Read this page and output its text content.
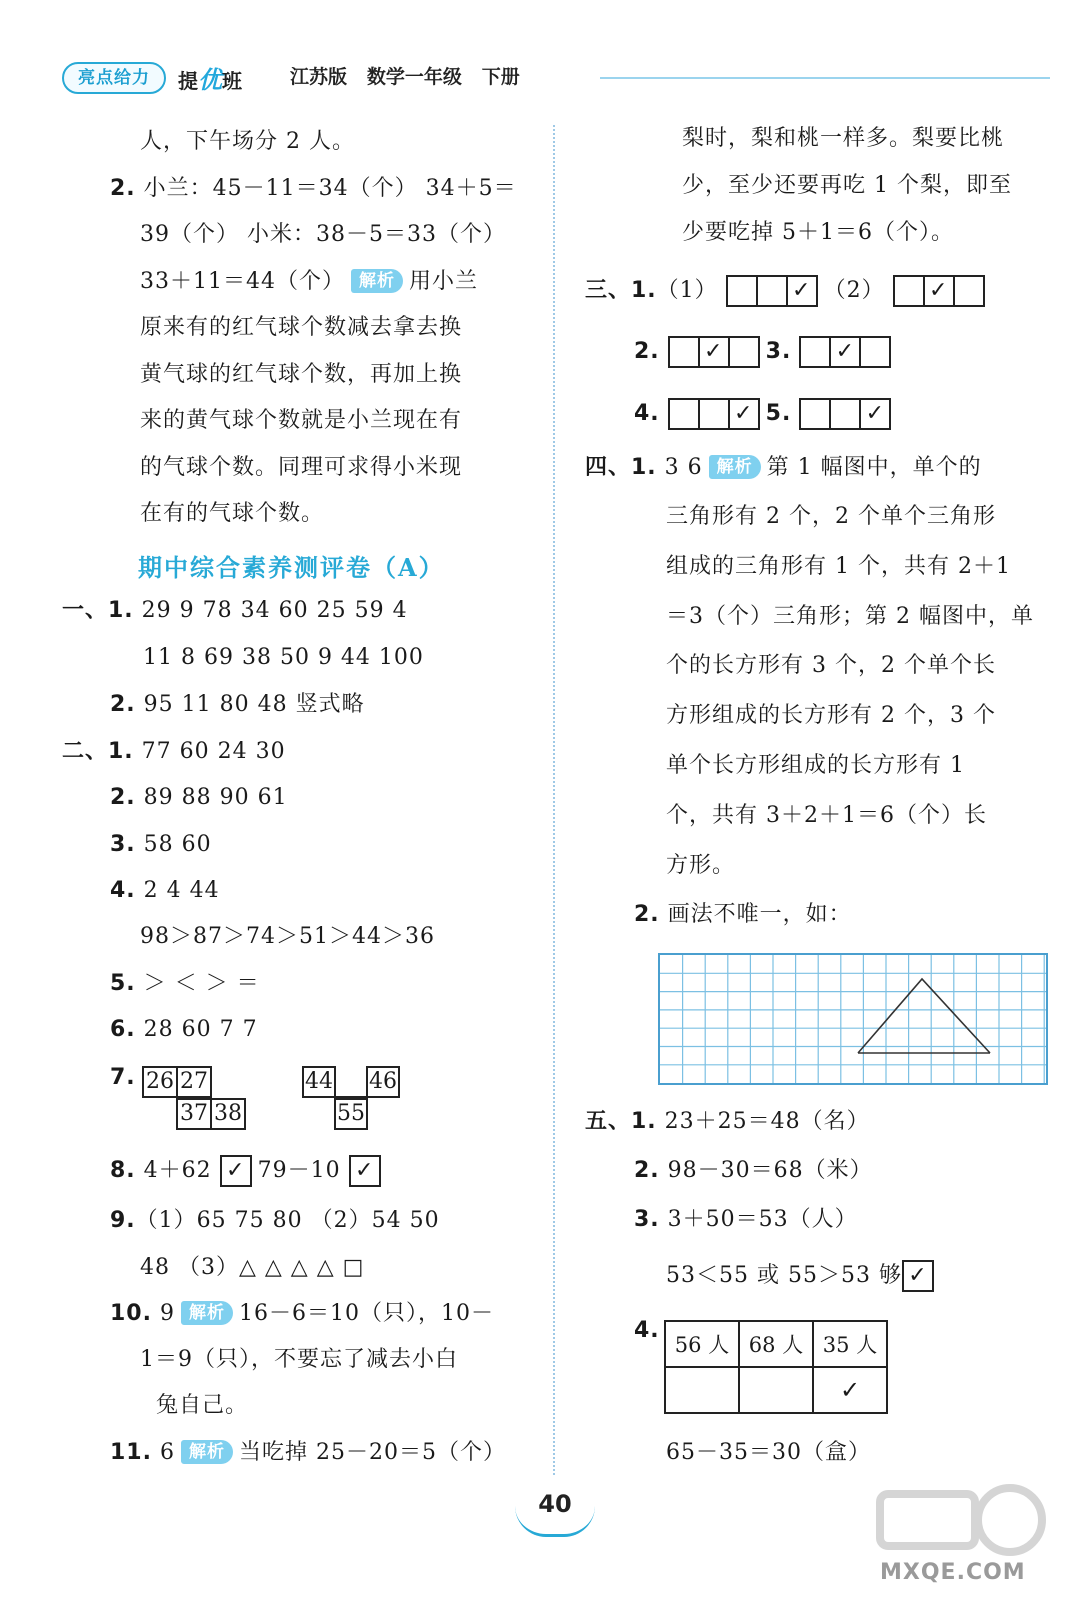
亮点给力	提优班	江苏版 数学一年级 下册
人，下午场分 2 人。
2. 小兰：45－11＝34（个） 34＋5＝
39（个） 小米：38－5＝33（个）
33＋11＝44（个） 解析 用小兰
原来有的红气球个数减去拿去换
黄气球的红气球个数，再加上换
来的黄气球个数就是小兰现在有
的气球个数。同理可求得小米现
在有的气球个数。
期中综合素养测评卷（A）
一、1. 29 9 78 34 60 25 59 4
11 8 69 38 50 9 44 100
2. 95 11 80 48 竖式略
二、1. 77 60 24 30
2. 89 88 90 61
3. 58 60
4. 2 4 44
98＞87＞74＞51＞44＞36
5. ＞ ＜ ＞ ＝
6. 28 60 7 7
7. 26 27
37 38
44 46
55
8. 4＋62 ✓ 79－10 ✓
9.（1）65 75 80 （2）54 50
48 （3）△ △ △ △ □
10. 9 解析 16－6＝10（只），10－
1＝9（只），不要忘了减去小白
兔自己。
11. 6 解析 当吃掉 25－20＝5（个）
梨时，梨和桃一样多。梨要比桃
少，至少还要再吃 1 个梨，即至
少要吃掉 5＋1＝6（个）。
三、1.（1） ✓	（2） ✓
2. ✓	3. ✓
4. ✓	5. ✓
四、1. 3 6 解析 第 1 幅图中，单个的
三角形有 2 个，2 个单个三角形
组成的三角形有 1 个，共有 2＋1
＝3（个）三角形；第 2 幅图中，单
个的长方形有 3 个，2 个单个长
方形组成的长方形有 2 个，3 个
单个长方形组成的长方形有 1
个，共有 3＋2＋1＝6（个）长
方形。
2. 画法不唯一，如：
五、1. 23＋25＝48（名）
2. 98－30＝68（米）
3. 3＋50＝53（人）
53＜55 或 55＞53 够✓
4.
56 人	68 人	35 人
		✓
65－35＝30（盒）
40
MXQE.COM
